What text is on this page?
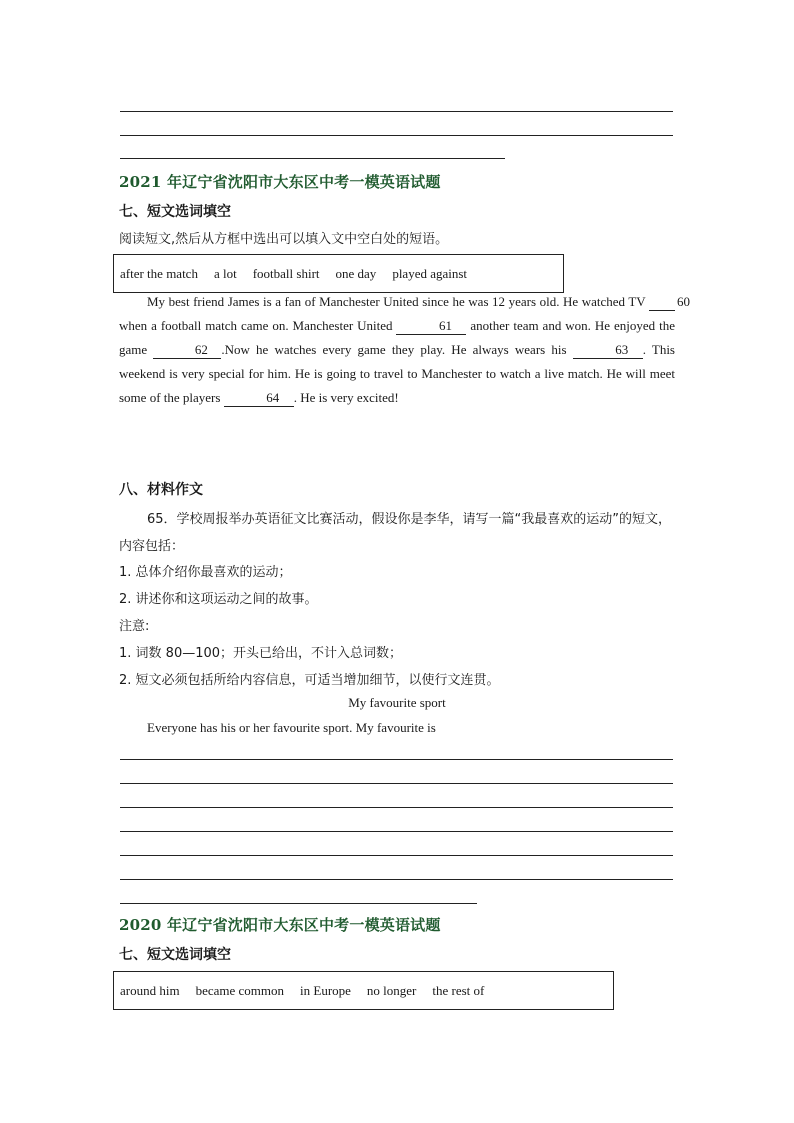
2021 年辽宁省沈阳市大东区中考一模英语试题
七、短文选词填空
阅读短文,然后从方框中选出可以填入文中空白处的短语。
after the match a lot football shirt one day played against
My best friend James is a fan of Manchester United since he was 12 years old. He watched TV 60 when a football match came on. Manchester United	61 another team and won. He enjoyed the game	62 .Now he watches every game they play. He always wears his	63 . This weekend is very special for him. He is going to travel to Manchester to watch a live match. He will meet some of the players	64 . He is very excited!
八、材料作文
65．学校周报举办英语征文比赛活动，假设你是李华，请写一篇“我最喜欢的运动”的短文，内容包括：
1. 总体介绍你最喜欢的运动；
2. 讲述你和这项运动之间的故事。
注意:
1. 词数 80—100；开头已给出，不计入总词数；
2. 短文必须包括所给内容信息，可适当增加细节，以使行文连贯。
My favourite sport
Everyone has his or her favourite sport. My favourite is
2020 年辽宁省沈阳市大东区中考一模英语试题
七、短文选词填空
around him became common in Europe no longer the rest of
